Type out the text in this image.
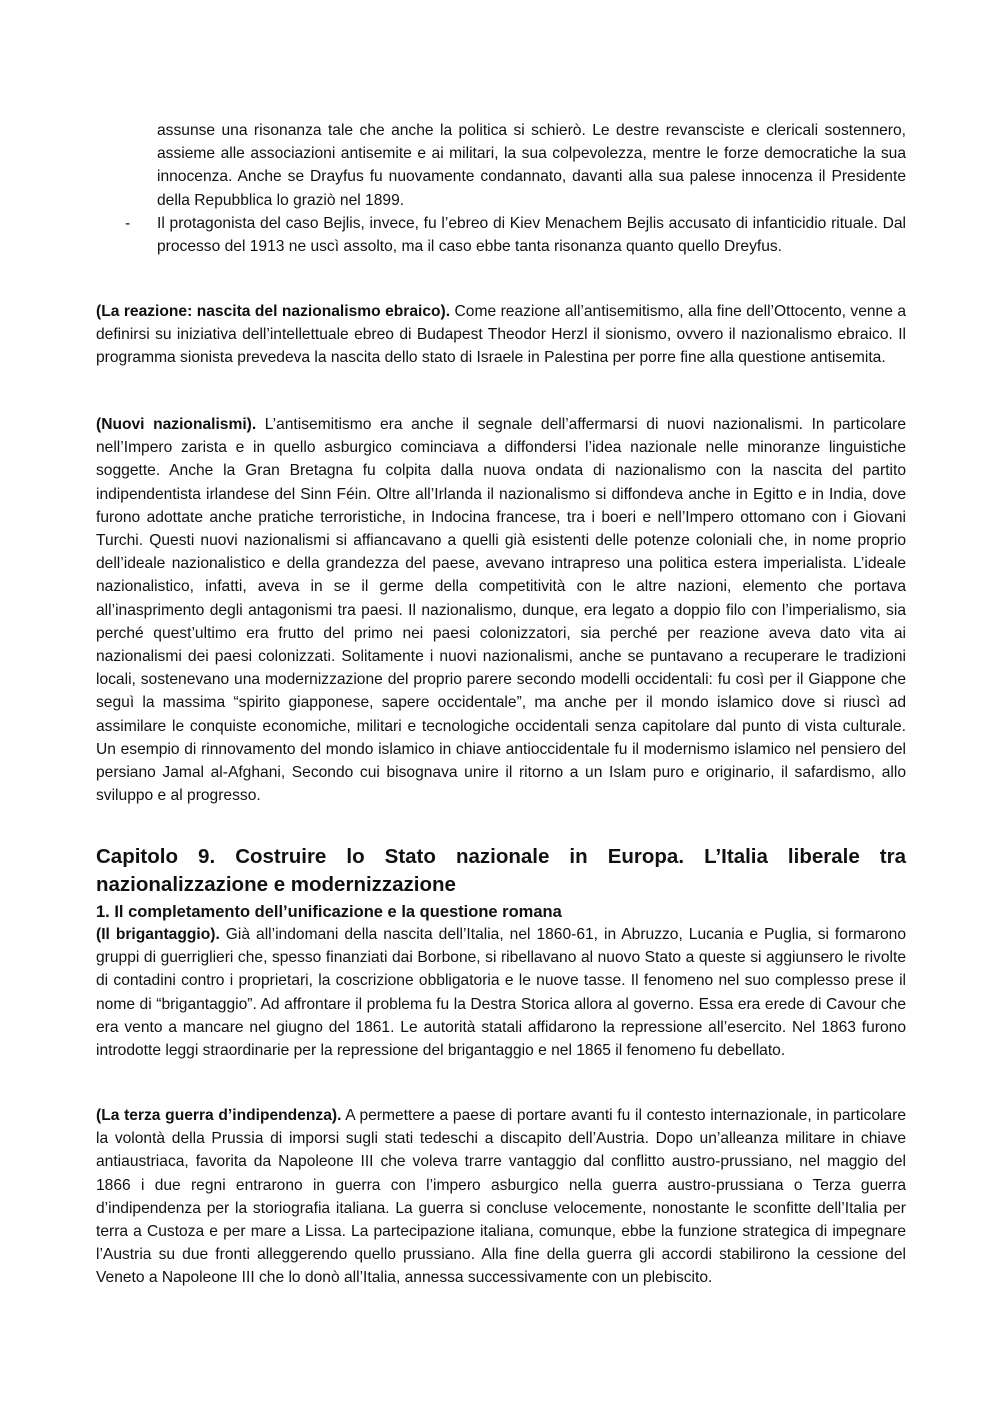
assunse una risonanza tale che anche la politica si schierò. Le destre revansciste e clericali sostennero, assieme alle associazioni antisemite e ai militari, la sua colpevolezza, mentre le forze democratiche la sua innocenza. Anche se Drayfus fu nuovamente condannato, davanti alla sua palese innocenza il Presidente della Repubblica lo graziò nel 1899.
- Il protagonista del caso Bejlis, invece, fu l’ebreo di Kiev Menachem Bejlis accusato di infanticidio rituale. Dal processo del 1913 ne uscì assolto, ma il caso ebbe tanta risonanza quanto quello Dreyfus.

(La reazione: nascita del nazionalismo ebraico). Come reazione all’antisemitismo, alla fine dell’Ottocento, venne a definirsi su iniziativa dell’intellettuale ebreo di Budapest Theodor Herzl il sionismo, ovvero il nazionalismo ebraico. Il programma sionista prevedeva la nascita dello stato di Israele in Palestina per porre fine alla questione antisemita.

(Nuovi nazionalismi). L’antisemitismo era anche il segnale dell’affermarsi di nuovi nazionalismi. In particolare nell’Impero zarista e in quello asburgico cominciava a diffondersi l’idea nazionale nelle minoranze linguistiche soggette. Anche la Gran Bretagna fu colpita dalla nuova ondata di nazionalismo con la nascita del partito indipendentista irlandese del Sinn Féin. Oltre all’Irlanda il nazionalismo si diffondeva anche in Egitto e in India, dove furono adottate anche pratiche terroristiche, in Indocina francese, tra i boeri e nell’Impero ottomano con i Giovani Turchi. Questi nuovi nazionalismi si affiancavano a quelli già esistenti delle potenze coloniali che, in nome proprio dell’ideale nazionalistico e della grandezza del paese, avevano intrapreso una politica estera imperialista. L’ideale nazionalistico, infatti, aveva in se il germe della competitività con le altre nazioni, elemento che portava all’inasprimento degli antagonismi tra paesi. Il nazionalismo, dunque, era legato a doppio filo con l’imperialismo, sia perché quest’ultimo era frutto del primo nei paesi colonizzatori, sia perché per reazione aveva dato vita ai nazionalismi dei paesi colonizzati. Solitamente i nuovi nazionalismi, anche se puntavano a recuperare le tradizioni locali, sostenevano una modernizzazione del proprio parere secondo modelli occidentali: fu così per il Giappone che seguì la massima “spirito giapponese, sapere occidentale”, ma anche per il mondo islamico dove si riuscì ad assimilare le conquiste economiche, militari e tecnologiche occidentali senza capitolare dal punto di vista culturale. Un esempio di rinnovamento del mondo islamico in chiave antioccidentale fu il modernismo islamico nel pensiero del persiano Jamal al-Afghani, Secondo cui bisognava unire il ritorno a un Islam puro e originario, il safardismo, allo sviluppo e al progresso.

Capitolo 9. Costruire lo Stato nazionale in Europa. L’Italia liberale tra nazionalizzazione e modernizzazione
1. Il completamento dell’unificazione e la questione romana

(Il brigantaggio). Già all’indomani della nascita dell’Italia, nel 1860-61, in Abruzzo, Lucania e Puglia, si formarono gruppi di guerriglieri che, spesso finanziati dai Borbone, si ribellavano al nuovo Stato a queste si aggiunsero le rivolte di contadini contro i proprietari, la coscrizione obbligatoria e le nuove tasse. Il fenomeno nel suo complesso prese il nome di “brigantaggio”. Ad affrontare il problema fu la Destra Storica allora al governo. Essa era erede di Cavour che era vento a mancare nel giugno del 1861. Le autorità statali affidarono la repressione all’esercito. Nel 1863 furono introdotte leggi straordinarie per la repressione del brigantaggio e nel 1865 il fenomeno fu debellato.

(La terza guerra d’indipendenza). A permettere a paese di portare avanti fu il contesto internazionale, in particolare la volontà della Prussia di imporsi sugli stati tedeschi a discapito dell’Austria. Dopo un’alleanza militare in chiave antiaustriaca, favorita da Napoleone III che voleva trarre vantaggio dal conflitto austro-prussiano, nel maggio del 1866 i due regni entrarono in guerra con l’impero asburgico nella guerra austro-prussiana o Terza guerra d’indipendenza per la storiografia italiana. La guerra si concluse velocemente, nonostante le sconfitte dell’Italia per terra a Custoza e per mare a Lissa. La partecipazione italiana, comunque, ebbe la funzione strategica di impegnare l’Austria su due fronti alleggerendo quello prussiano. Alla fine della guerra gli accordi stabilirono la cessione del Veneto a Napoleone III che lo donò all’Italia, annessa successivamente con un plebiscito.
